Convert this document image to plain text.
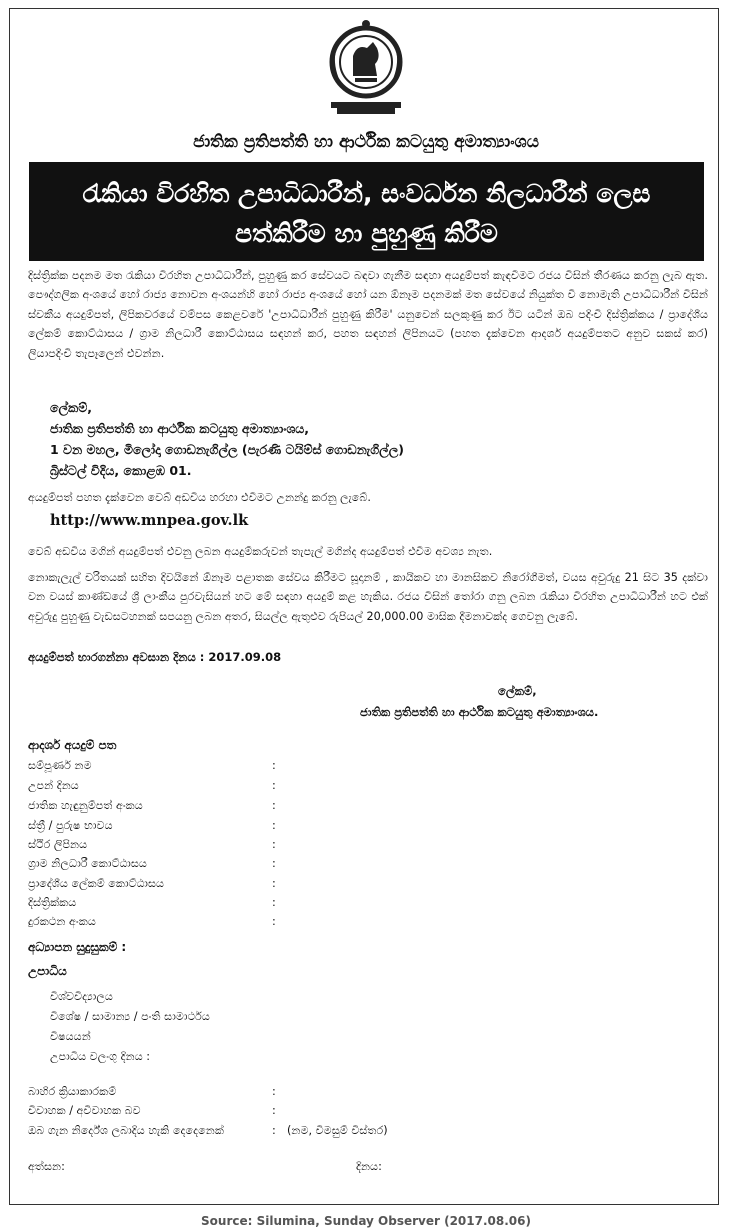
ජාතික ප්‍රතිපත්ති හා ආර්ථික කටයුතු අමාත්‍යාංශය
රැකියා විරහිත උපාධිධාරීන්, සංවර්ධන නිලධාරීන් ලෙස
පත්කිරීම හා පුහුණු කිරීම
දිස්ත්‍රික්ක පදනම මත රැකියා විරහිත උපාධිධාරීන්, පුහුණු කර සේවයට බඳවා ගැනීම සඳහා අයදුම්පත් කැඳවීමට රජය විසින් තීරණය කරනු ලැබ ඇත. පෞද්ගලික අංශයේ හෝ රාජ්‍ය නොවන අංශයන්හි හෝ රාජ්‍ය අංශයේ හෝ යන ඕනෑම පදනමක් මත සේවයේ නියුක්ත වී නොමැති උපාධිධාරීන් විසින් ස්වකීය අයදුම්පත්, ලිපිකවරයේ වම්පස කෙළවරේ 'උපාධිධාරීන් පුහුණු කිරීම' යනුවෙන් සලකුණු කර ඊට යටින් ඔබ පදිංචි දිස්ත්‍රික්කය / ප්‍රාදේශීය ලේකම් කොට්ඨාසය / ග්‍රාම නිලධාරී කොට්ඨාසය සඳහන් කර, පහත සඳහන් ලිපිනයට (පහත දැක්වෙන ආදර්ශ අයදුම්පතට අනුව සකස් කර) ලියාපදිංචි තැපෑලෙන් එවන්න.
ලේකම්,
ජාතික ප්‍රතිපත්ති හා ආර්ථික කටයුතු අමාත්‍යාංශය,
1 වන මහල, මිලෝදා ගොඩනැගිල්ල (පැරණි ටයිම්ස් ගොඩනැගිල්ල)
බ්‍රිස්ටල් විදිය, කොළඹ 01.
අයදුම්පත් පහත දැක්වෙන වෙබ් අඩවිය හරහා එවීමට උනන්දු කරනු ලැබේ.
http://www.mnpea.gov.lk
වෙබ් අඩවිය මගින් අයදුම්පත් එවනු ලබන අයදුම්කරුවන් තැපැල් මගින්ද අයදුම්පත් එවීම අවශ්‍ය නැත.
නොකැලැල් චරිතයක් සහිත දිවයිනේ ඕනෑම පළාතක සේවය කිරීමට සූදානම් , කායිකව හා මානසිකව නිරෝගීමත්, වයස අවුරුදු 21 සිට 35 දක්වා වන වයස් කාණ්ඩයේ ශ්‍රී ලාංකීය පුරවැසියන් හට මේ සඳහා අයදුම් කළ හැකිය. රජය විසින් තෝරා ගනු ලබන රැකියා විරහිත උපාධිධාරීන් හට එක් අවුරුදු පුහුණු වැඩසටහනක් සපයනු ලබන අතර, සියල්ල ඇතුළුව රුපියල් 20,000.00 මාසික දීමනාවක්ද ගෙවනු ලැබේ.
අයදුම්පත් භාරගන්නා අවසාන දිනය : 2017.09.08
ලේකම්,
ජාතික ප්‍රතිපත්ති හා ආර්ථික කටයුතු අමාත්‍යාංශය.
ආදර්ශ අයදුම් පත
සම්පූර්ණ නම	:
උපන් දිනය	:
ජාතික හැඳුනුම්පත් අංකය	:
ස්ත්‍රී / පුරුෂ භාවය	:
ස්ථිර ලිපිනය	:
ග්‍රාම නිලධාරී කොට්ඨාසය	:
ප්‍රාදේශීය ලේකම් කොට්ඨාසය	:
දිස්ත්‍රික්කය	:
දුරකථන අංකය	:
අධ්‍යාපන සුදුසුකම් :
උපාධිය
විශ්වවිද්‍යාලය
විශේෂ / සාමාන්‍ය / පංති සාමාර්ථය
විෂයයන්
උපාධිය වලංගු දිනය :
බාහිර ක්‍රියාකාරකම්	:
විවාහක / අවිවාහක බව	:
ඔබ ගැන නිර්දේශ ලබාදිය හැකි දෙදෙනෙක්	: (නම, විමසුම් විස්තර)
අත්සන:	දිනය:
Source: Silumina, Sunday Observer (2017.08.06)
